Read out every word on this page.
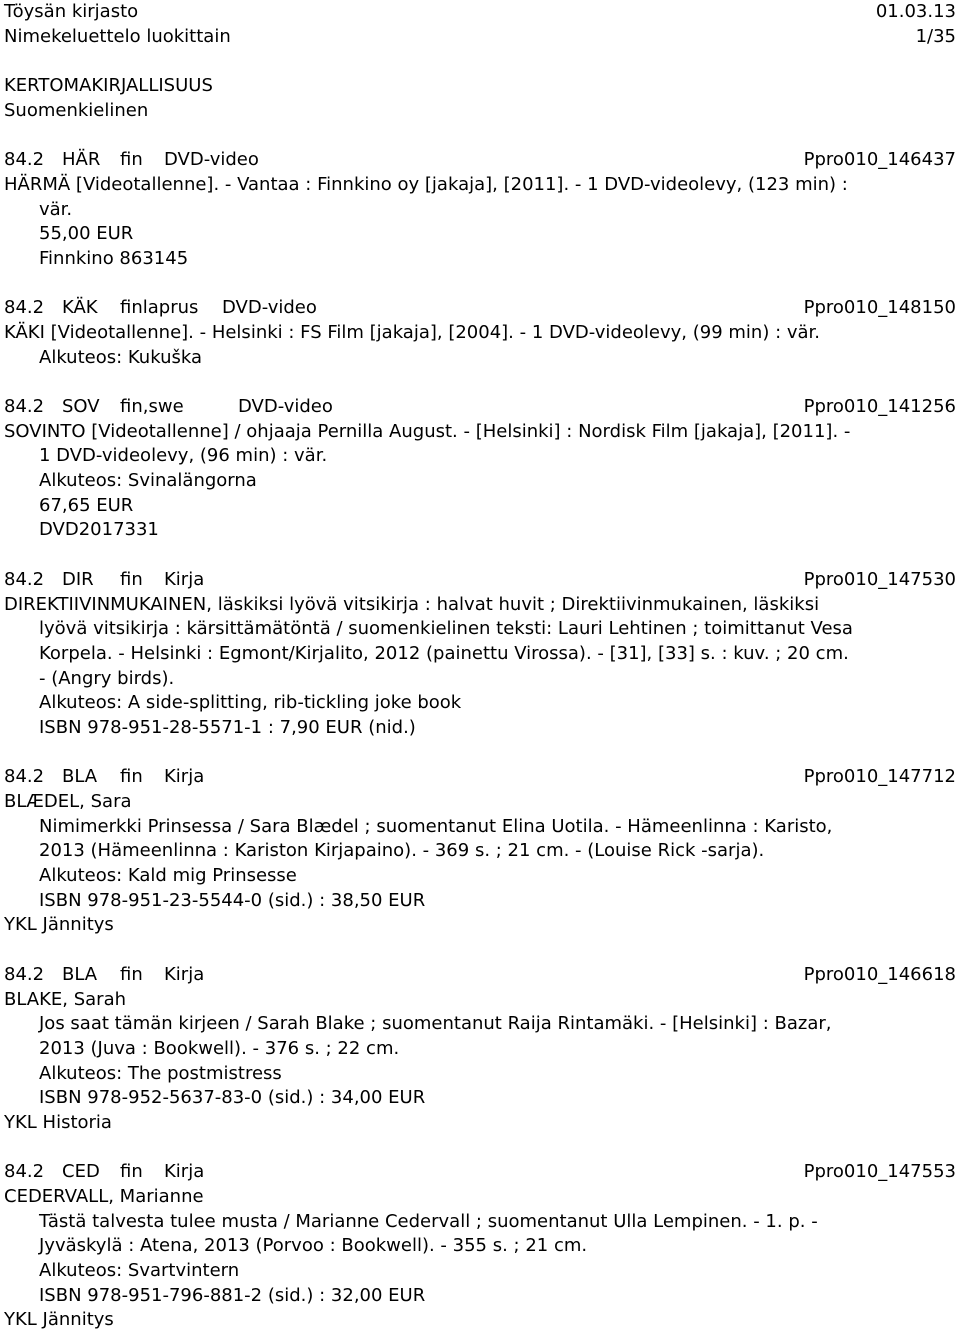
Töysän kirjasto	01.03.13
Nimekeluettelo luokittain	1/35
KERTOMAKIRJALLISUUS
Suomenkielinen
84.2 HÄR fin DVD-video	Ppro010_146437
HÄRMÄ [Videotallenne]. - Vantaa : Finnkino oy [jakaja], [2011]. - 1 DVD-videolevy, (123 min) :
vär.
55,00 EUR
Finnkino 863145
84.2 KÄK finlaprus DVD-video	Ppro010_148150
KÄKI [Videotallenne]. - Helsinki : FS Film [jakaja], [2004]. - 1 DVD-videolevy, (99 min) : vär.
Alkuteos: Kukuška
84.2 SOV fin,swe	DVD-video	Ppro010_141256
SOVINTO [Videotallenne] / ohjaaja Pernilla August. - [Helsinki] : Nordisk Film [jakaja], [2011]. -
1 DVD-videolevy, (96 min) : vär.
Alkuteos: Svinalängorna
67,65 EUR
DVD2017331
84.2 DIR fin Kirja	Ppro010_147530
DIREKTIIVINMUKAINEN, läskiksi lyövä vitsikirja : halvat huvit ; Direktiivinmukainen, läskiksi
lyövä vitsikirja : kärsittämätöntä / suomenkielinen teksti: Lauri Lehtinen ; toimittanut Vesa
Korpela. - Helsinki : Egmont/Kirjalito, 2012 (painettu Virossa). - [31], [33] s. : kuv. ; 20 cm.
- (Angry birds).
Alkuteos: A side-splitting, rib-tickling joke book
ISBN 978-951-28-5571-1 : 7,90 EUR (nid.)
84.2 BLA fin Kirja	Ppro010_147712
BLÆDEL, Sara
Nimimerkki Prinsessa / Sara Blædel ; suomentanut Elina Uotila. - Hämeenlinna : Karisto,
2013 (Hämeenlinna : Kariston Kirjapaino). - 369 s. ; 21 cm. - (Louise Rick -sarja).
Alkuteos: Kald mig Prinsesse
ISBN 978-951-23-5544-0 (sid.) : 38,50 EUR
YKL Jännitys
84.2 BLA fin Kirja	Ppro010_146618
BLAKE, Sarah
Jos saat tämän kirjeen / Sarah Blake ; suomentanut Raija Rintamäki. - [Helsinki] : Bazar,
2013 (Juva : Bookwell). - 376 s. ; 22 cm.
Alkuteos: The postmistress
ISBN 978-952-5637-83-0 (sid.) : 34,00 EUR
YKL Historia
84.2 CED fin Kirja	Ppro010_147553
CEDERVALL, Marianne
Tästä talvesta tulee musta / Marianne Cedervall ; suomentanut Ulla Lempinen. - 1. p. -
Jyväskylä : Atena, 2013 (Porvoo : Bookwell). - 355 s. ; 21 cm.
Alkuteos: Svartvintern
ISBN 978-951-796-881-2 (sid.) : 32,00 EUR
YKL Jännitys
